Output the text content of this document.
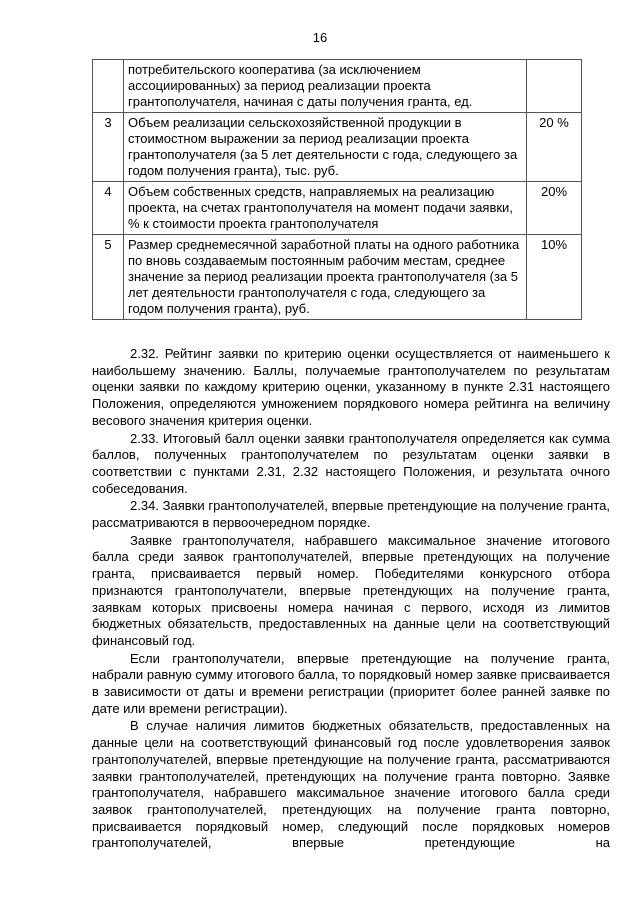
16
	потребительского кооператива (за исключением ассоциированных) за период реализации проекта грантополучателя, начиная с даты получения гранта, ед.	
3	Объем реализации сельскохозяйственной продукции в стоимостном выражении за период реализации проекта грантополучателя (за 5 лет деятельности с года, следующего за годом получения гранта), тыс. руб.	20 %
4	Объем собственных средств, направляемых на реализацию проекта, на счетах грантополучателя на момент подачи заявки, % к стоимости проекта грантополучателя	20%
5	Размер среднемесячной заработной платы на одного работника по вновь создаваемым постоянным рабочим местам, среднее значение за период реализации проекта грантополучателя (за 5 лет деятельности грантополучателя с года, следующего за годом получения гранта), руб.	10%

2.32. Рейтинг заявки по критерию оценки осуществляется от наименьшего к наибольшему значению. Баллы, получаемые грантополучателем по результатам оценки заявки по каждому критерию оценки, указанному в пункте 2.31 настоящего Положения, определяются умножением порядкового номера рейтинга на величину весового значения критерия оценки.

2.33. Итоговый балл оценки заявки грантополучателя определяется как сумма баллов, полученных грантополучателем по результатам оценки заявки в соответствии с пунктами 2.31, 2.32 настоящего Положения, и результата очного собеседования.

2.34. Заявки грантополучателей, впервые претендующие на получение гранта, рассматриваются в первоочередном порядке.

Заявке грантополучателя, набравшего максимальное значение итогового балла среди заявок грантополучателей, впервые претендующих на получение гранта, присваивается первый номер. Победителями конкурсного отбора признаются грантополучатели, впервые претендующих на получение гранта, заявкам которых присвоены номера начиная с первого, исходя из лимитов бюджетных обязательств, предоставленных на данные цели на соответствующий финансовый год.

Если грантополучатели, впервые претендующие на получение гранта, набрали равную сумму итогового балла, то порядковый номер заявке присваивается в зависимости от даты и времени регистрации (приоритет более ранней заявке по дате или времени регистрации).

В случае наличия лимитов бюджетных обязательств, предоставленных на данные цели на соответствующий финансовый год после удовлетворения заявок грантополучателей, впервые претендующие на получение гранта, рассматриваются заявки грантополучателей, претендующих на получение гранта повторно. Заявке грантополучателя, набравшего максимальное значение итогового балла среди заявок грантополучателей, претендующих на получение гранта повторно, присваивается порядковый номер, следующий после порядковых номеров грантополучателей, впервые претендующие на
